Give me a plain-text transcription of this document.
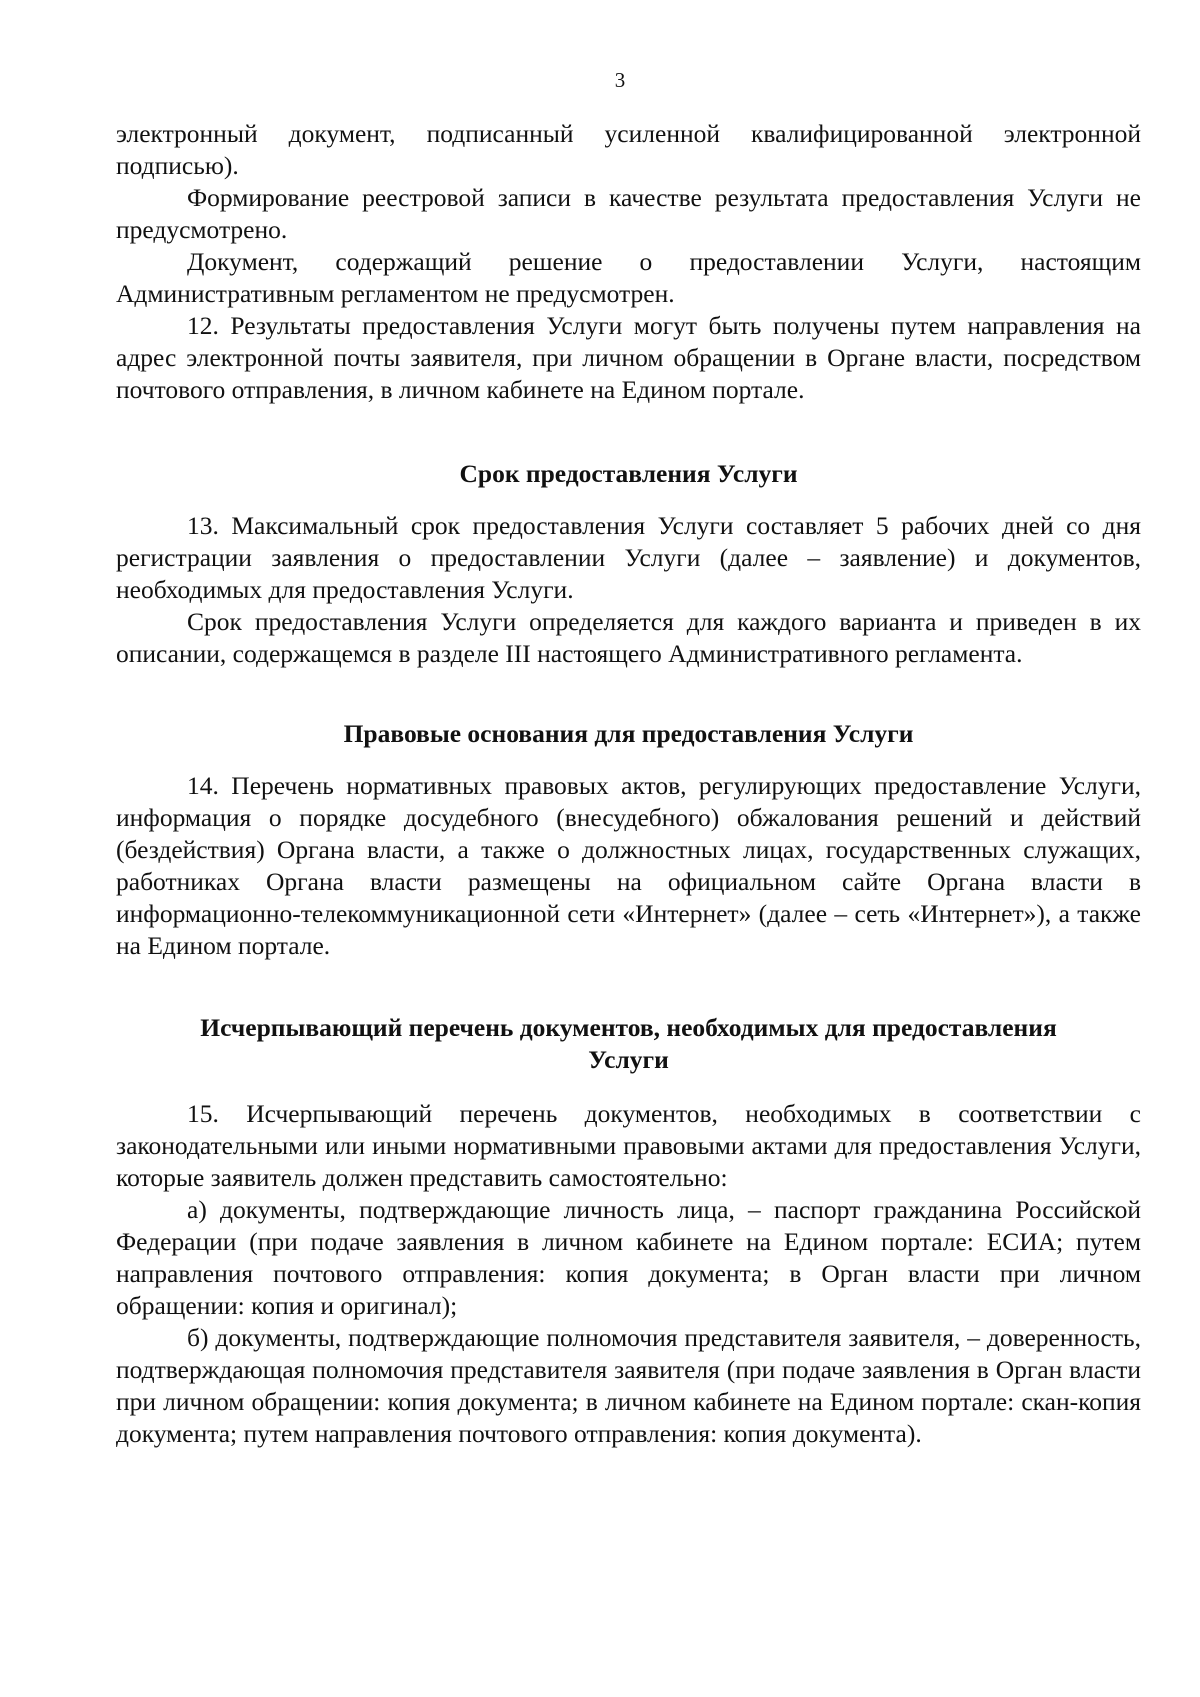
3

электронный документ, подписанный усиленной квалифицированной электронной подписью).

Формирование реестровой записи в качестве результата предоставления Услуги не предусмотрено.

Документ, содержащий решение о предоставлении Услуги, настоящим Административным регламентом не предусмотрен.

12. Результаты предоставления Услуги могут быть получены путем направления на адрес электронной почты заявителя, при личном обращении в Органе власти, посредством почтового отправления, в личном кабинете на Едином портале.

Срок предоставления Услуги

13. Максимальный срок предоставления Услуги составляет 5 рабочих дней со дня регистрации заявления о предоставлении Услуги (далее – заявление) и документов, необходимых для предоставления Услуги.

Срок предоставления Услуги определяется для каждого варианта и приведен в их описании, содержащемся в разделе III настоящего Административного регламента.

Правовые основания для предоставления Услуги

14. Перечень нормативных правовых актов, регулирующих предоставление Услуги, информация о порядке досудебного (внесудебного) обжалования решений и действий (бездействия) Органа власти, а также о должностных лицах, государственных служащих, работниках Органа власти размещены на официальном сайте Органа власти в информационно-телекоммуникационной сети «Интернет» (далее – сеть «Интернет»), а также на Едином портале.

Исчерпывающий перечень документов, необходимых для предоставления
Услуги

15. Исчерпывающий перечень документов, необходимых в соответствии с законодательными или иными нормативными правовыми актами для предоставления Услуги, которые заявитель должен представить самостоятельно:

а) документы, подтверждающие личность лица, – паспорт гражданина Российской Федерации (при подаче заявления в личном кабинете на Едином портале: ЕСИА; путем направления почтового отправления: копия документа; в Орган власти при личном обращении: копия и оригинал);

б) документы, подтверждающие полномочия представителя заявителя, – доверенность, подтверждающая полномочия представителя заявителя (при подаче заявления в Орган власти при личном обращении: копия документа; в личном кабинете на Едином портале: скан-копия документа; путем направления почтового отправления: копия документа).
